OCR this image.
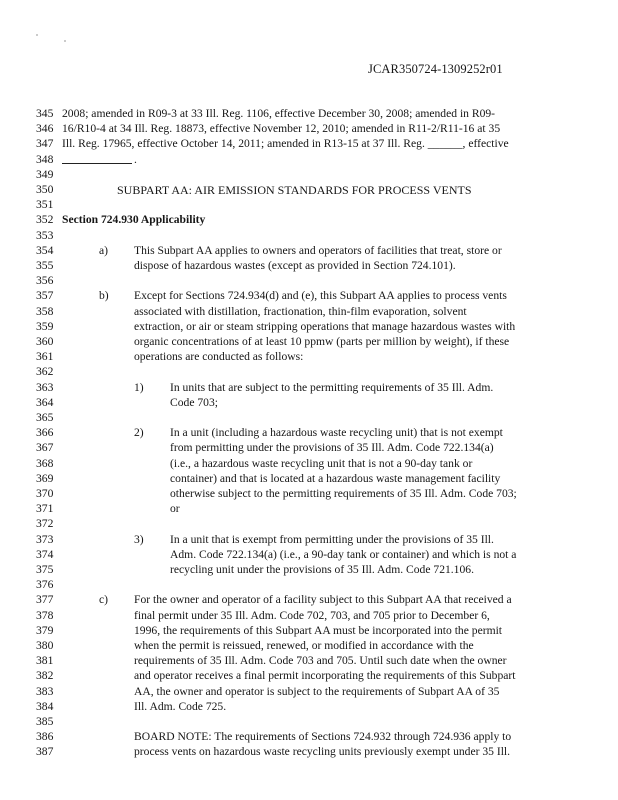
JCAR350724-1309252r01
345 2008; amended in R09-3 at 33 Ill. Reg. 1106, effective December 30, 2008; amended in R09-
346 16/R10-4 at 34 Ill. Reg. 18873, effective November 12, 2010; amended in R11-2/R11-16 at 35
347 Ill. Reg. 17965, effective October 14, 2011; amended in R13-15 at 37 Ill. Reg. ______, effective
348	.
349
350	SUBPART AA: AIR EMISSION STANDARDS FOR PROCESS VENTS
351
352 Section 724.930 Applicability
353
354	a) This Subpart AA applies to owners and operators of facilities that treat, store or
355	dispose of hazardous wastes (except as provided in Section 724.101).
356
357	b) Except for Sections 724.934(d) and (e), this Subpart AA applies to process vents
358	associated with distillation, fractionation, thin-film evaporation, solvent
359	extraction, or air or steam stripping operations that manage hazardous wastes with
360	organic concentrations of at least 10 ppmw (parts per million by weight), if these
361	operations are conducted as follows:
362
363	1) In units that are subject to the permitting requirements of 35 Ill. Adm.
364	Code 703;
365
366	2) In a unit (including a hazardous waste recycling unit) that is not exempt
367	from permitting under the provisions of 35 Ill. Adm. Code 722.134(a)
368	(i.e., a hazardous waste recycling unit that is not a 90-day tank or
369	container) and that is located at a hazardous waste management facility
370	otherwise subject to the permitting requirements of 35 Ill. Adm. Code 703;
371	or
372
373	3) In a unit that is exempt from permitting under the provisions of 35 Ill.
374	Adm. Code 722.134(a) (i.e., a 90-day tank or container) and which is not a
375	recycling unit under the provisions of 35 Ill. Adm. Code 721.106.
376
377	c) For the owner and operator of a facility subject to this Subpart AA that received a
378	final permit under 35 Ill. Adm. Code 702, 703, and 705 prior to December 6,
379	1996, the requirements of this Subpart AA must be incorporated into the permit
380	when the permit is reissued, renewed, or modified in accordance with the
381	requirements of 35 Ill. Adm. Code 703 and 705. Until such date when the owner
382	and operator receives a final permit incorporating the requirements of this Subpart
383	AA, the owner and operator is subject to the requirements of Subpart AA of 35
384	Ill. Adm. Code 725.
385
386	BOARD NOTE: The requirements of Sections 724.932 through 724.936 apply to
387	process vents on hazardous waste recycling units previously exempt under 35 Ill.
